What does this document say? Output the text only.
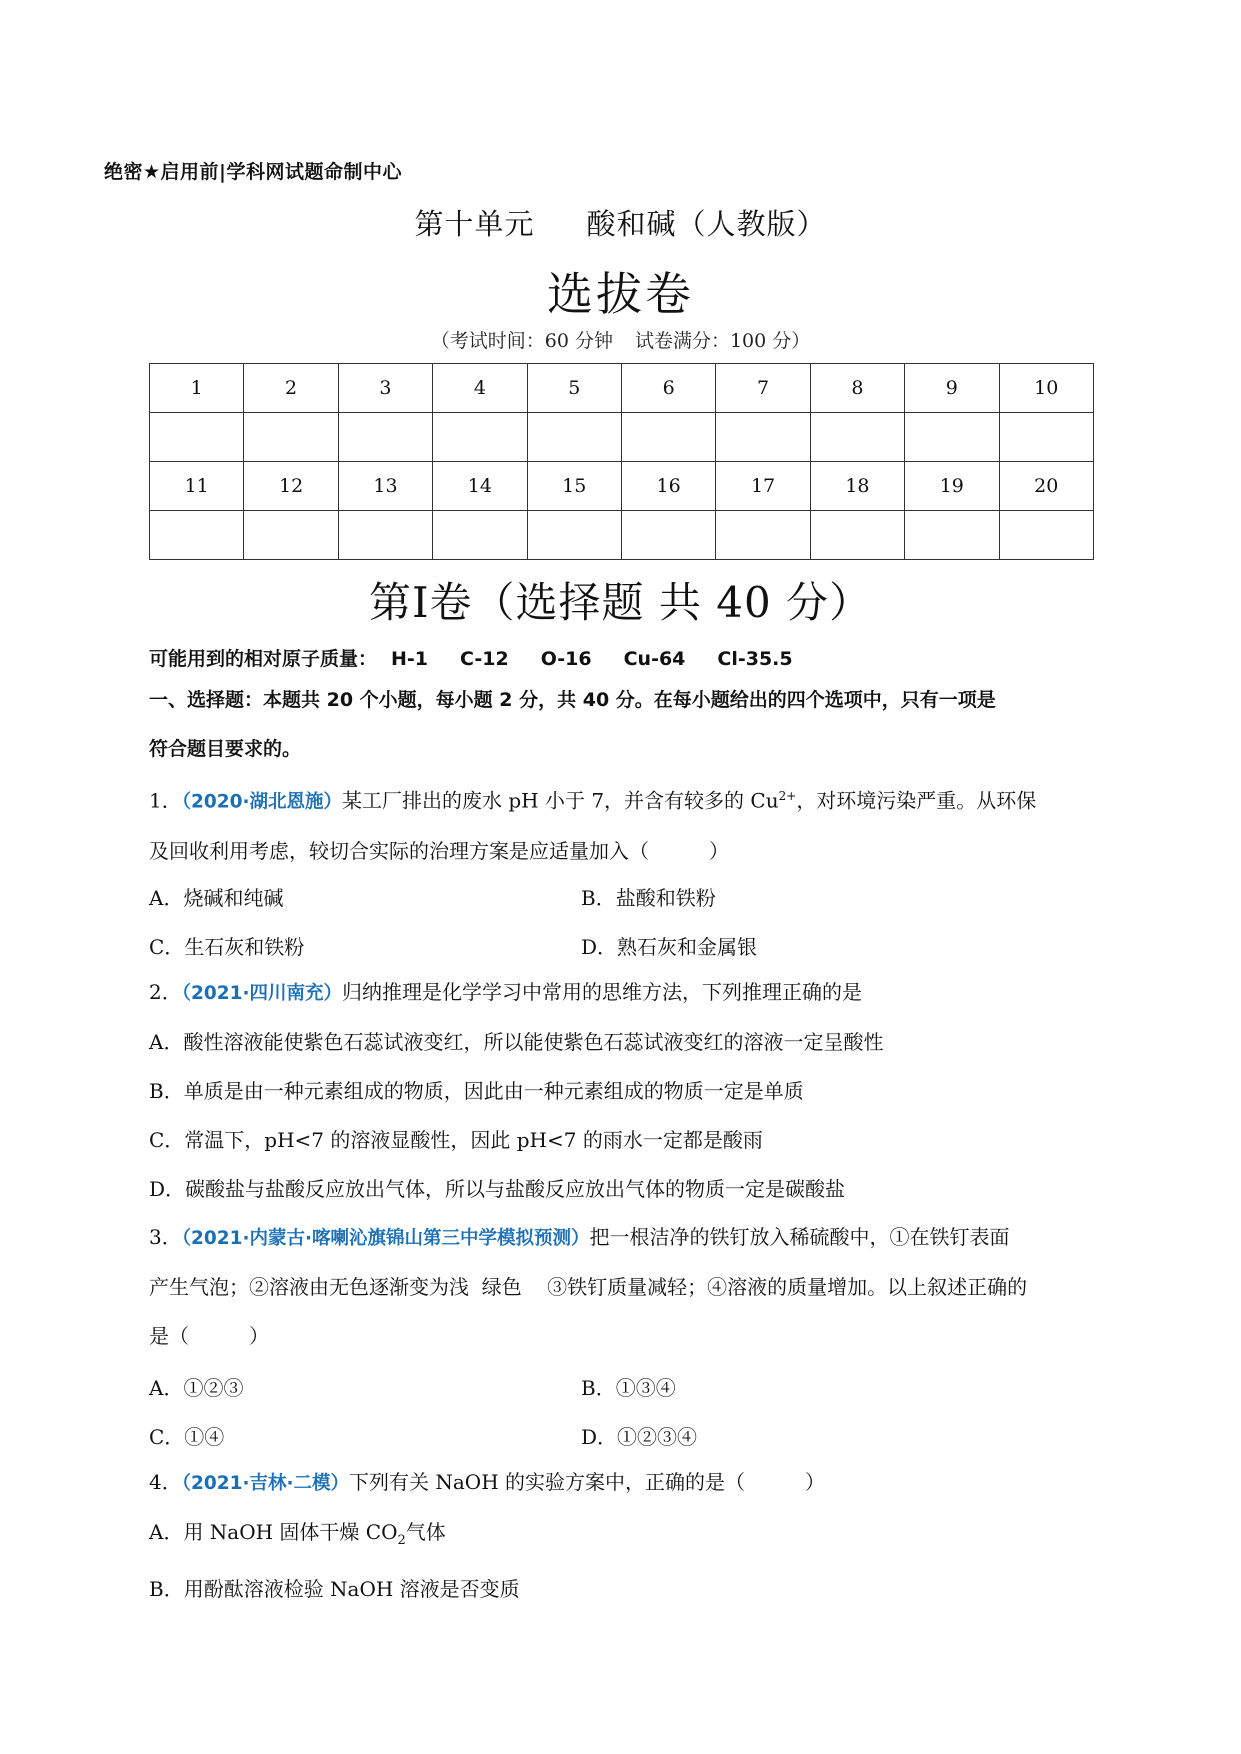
绝密★启用前|学科网试题命制中心
第十单元 酸和碱（人教版）
选拔卷
（考试时间：60 分钟 试卷满分：100 分）
1	2	3	4	5	6	7	8	9	10

11	12	13	14	15	16	17	18	19	20

第I卷（选择题 共 40 分）
可能用到的相对原子质量： H-1 C-12 O-16 Cu-64 Cl-35.5
一、选择题：本题共 20 个小题，每小题 2 分，共 40 分。在每小题给出的四个选项中，只有一项是
符合题目要求的。
1．（2020·湖北恩施）某工厂排出的废水 pH 小于 7，并含有较多的 $Cu^{2+}$，对环境污染严重。从环保
及回收利用考虑，较切合实际的治理方案是应适量加入（	）
A．烧碱和纯碱	B．盐酸和铁粉
C．生石灰和铁粉	D．熟石灰和金属银
2．（2021·四川南充）归纳推理是化学学习中常用的思维方法，下列推理正确的是
A．酸性溶液能使紫色石蕊试液变红，所以能使紫色石蕊试液变红的溶液一定呈酸性
B．单质是由一种元素组成的物质，因此由一种元素组成的物质一定是单质
C．常温下，pH<7 的溶液显酸性，因此 pH<7 的雨水一定都是酸雨
D．碳酸盐与盐酸反应放出气体，所以与盐酸反应放出气体的物质一定是碳酸盐
3．（2021·内蒙古·喀喇沁旗锦山第三中学模拟预测）把一根洁净的铁钉放入稀硫酸中，①在铁钉表面
产生气泡；②溶液由无色逐渐变为浅  绿色    ③铁钉质量减轻；④溶液的质量增加。以上叙述正确的
是（	）
A．①②③	B．①③④
C．①④	D．①②③④
4．（2021·吉林·二模）下列有关 NaOH 的实验方案中，正确的是（	）
A．用 NaOH 固体干燥 $CO_2$气体
B．用酚酞溶液检验 NaOH 溶液是否变质
